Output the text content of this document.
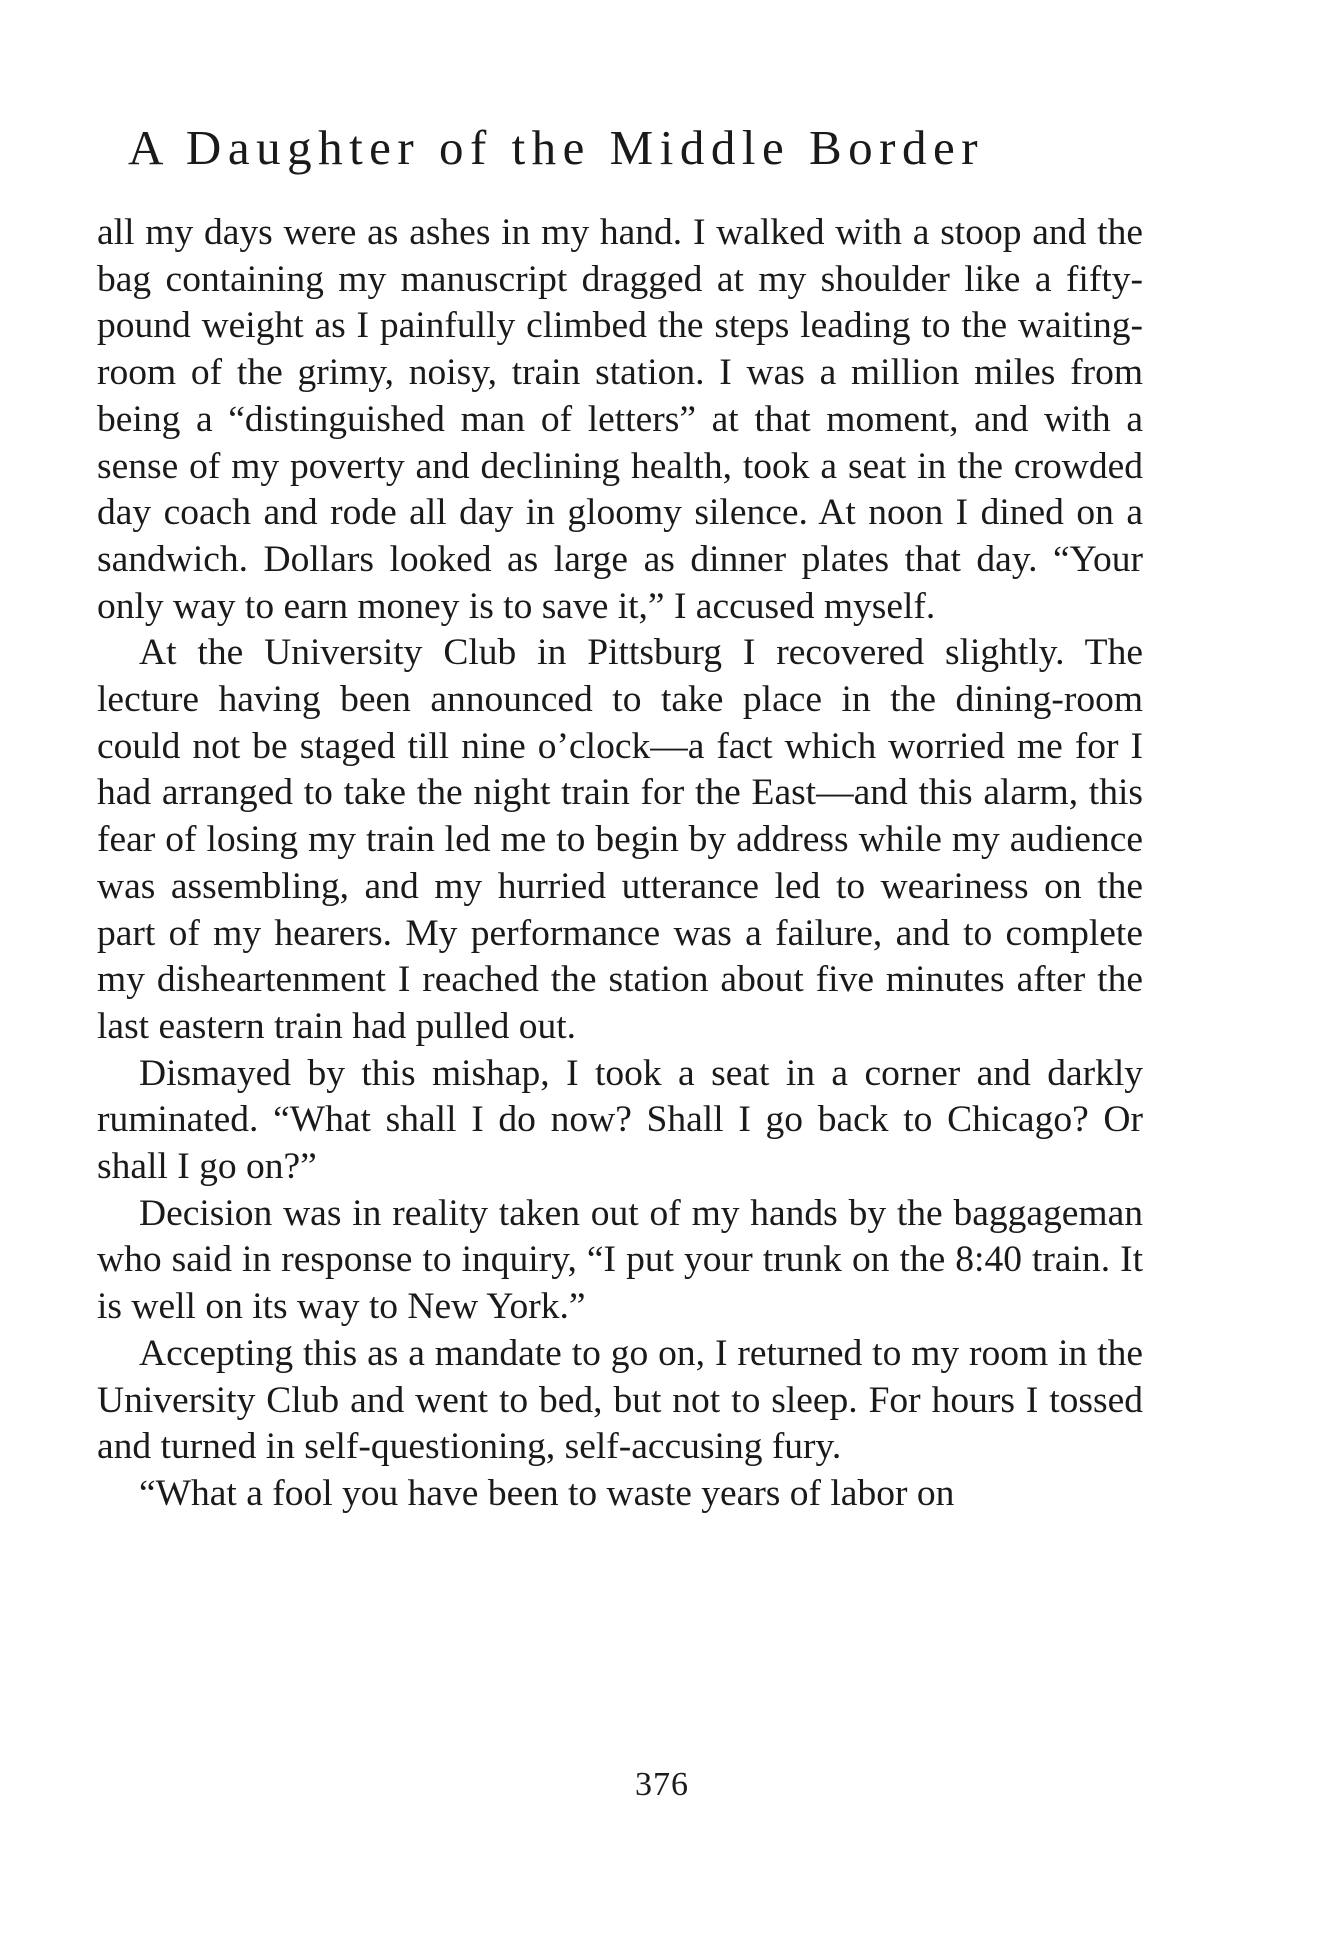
A Daughter of the Middle Border

all my days were as ashes in my hand. I walked with a stoop and the bag containing my manuscript dragged at my shoulder like a fifty-pound weight as I painfully climbed the steps leading to the waiting-room of the grimy, noisy, train station. I was a million miles from being a “distinguished man of letters” at that moment, and with a sense of my poverty and declining health, took a seat in the crowded day coach and rode all day in gloomy silence. At noon I dined on a sandwich. Dollars looked as large as dinner plates that day. “Your only way to earn money is to save it,” I accused myself.

At the University Club in Pittsburg I recovered slightly. The lecture having been announced to take place in the dining-room could not be staged till nine o’clock—a fact which worried me for I had arranged to take the night train for the East—and this alarm, this fear of losing my train led me to begin by address while my audience was assembling, and my hurried utterance led to weariness on the part of my hearers. My performance was a failure, and to complete my disheartenment I reached the station about five minutes after the last eastern train had pulled out.

Dismayed by this mishap, I took a seat in a corner and darkly ruminated. “What shall I do now? Shall I go back to Chicago? Or shall I go on?”

Decision was in reality taken out of my hands by the baggageman who said in response to inquiry, “I put your trunk on the 8:40 train. It is well on its way to New York.”

Accepting this as a mandate to go on, I returned to my room in the University Club and went to bed, but not to sleep. For hours I tossed and turned in self-questioning, self-accusing fury.

“What a fool you have been to waste years of labor on

376
